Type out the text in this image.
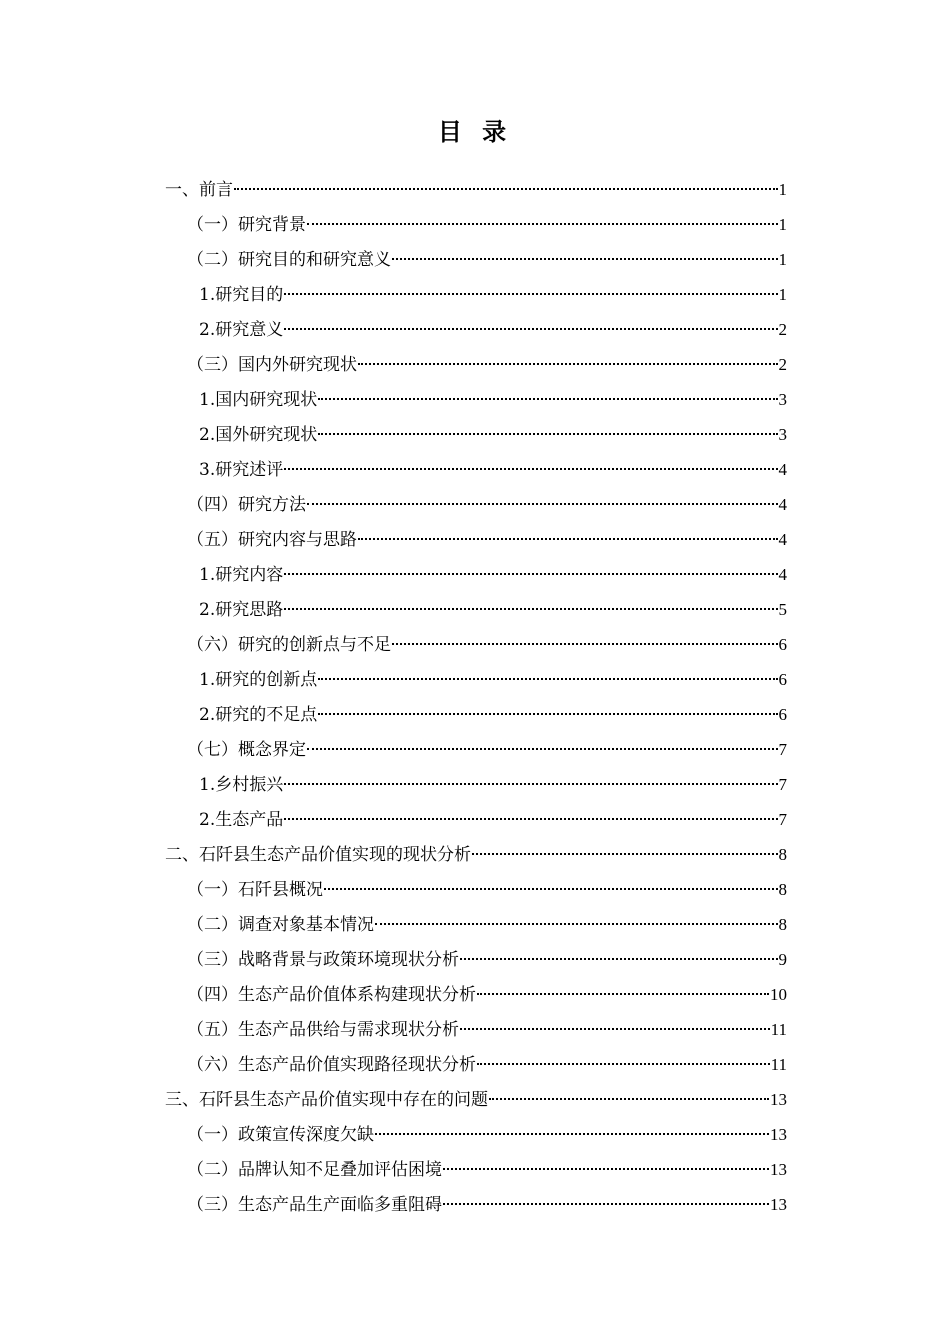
目 录
一、前言	1
（一）研究背景	1
（二）研究目的和研究意义	1
1.研究目的	1
2.研究意义	2
（三）国内外研究现状	2
1.国内研究现状	3
2.国外研究现状	3
3.研究述评	4
（四）研究方法	4
（五）研究内容与思路	4
1.研究内容	4
2.研究思路	5
（六）研究的创新点与不足	6
1.研究的创新点	6
2.研究的不足点	6
（七）概念界定	7
1.乡村振兴	7
2.生态产品	7
二、石阡县生态产品价值实现的现状分析	8
（一）石阡县概况	8
（二）调查对象基本情况	8
（三）战略背景与政策环境现状分析	9
（四）生态产品价值体系构建现状分析	10
（五）生态产品供给与需求现状分析	11
（六）生态产品价值实现路径现状分析	11
三、石阡县生态产品价值实现中存在的问题	13
（一）政策宣传深度欠缺	13
（二）品牌认知不足叠加评估困境	13
（三）生态产品生产面临多重阻碍	13
